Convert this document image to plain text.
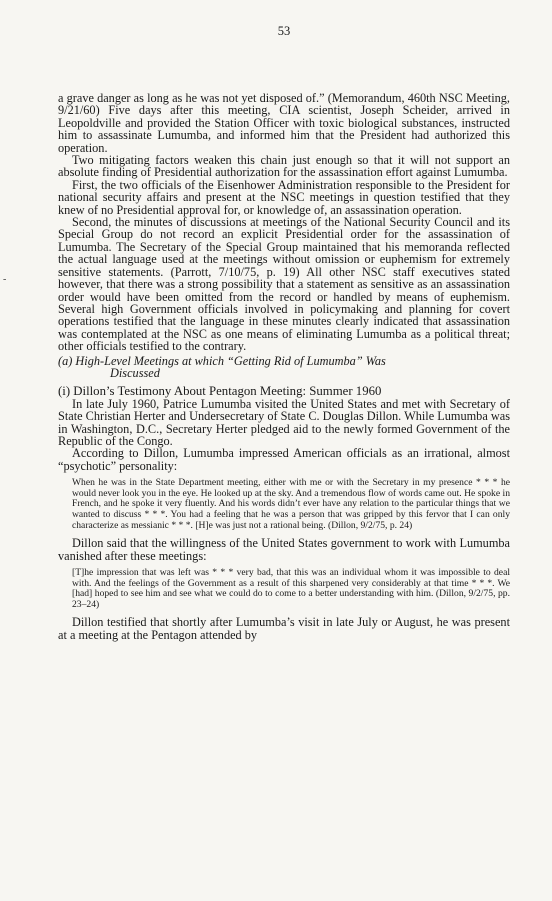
53

a grave danger as long as he was not yet disposed of.” (Memorandum, 460th NSC Meeting, 9/21/60) Five days after this meeting, CIA scientist, Joseph Scheider, arrived in Leopoldville and provided the Station Officer with toxic biological substances, instructed him to assassinate Lumumba, and informed him that the President had authorized this operation.

Two mitigating factors weaken this chain just enough so that it will not support an absolute finding of Presidential authorization for the assassination effort against Lumumba.

First, the two officials of the Eisenhower Administration responsible to the President for national security affairs and present at the NSC meetings in question testified that they knew of no Presidential approval for, or knowledge of, an assassination operation.

Second, the minutes of discussions at meetings of the National Security Council and its Special Group do not record an explicit Presidential order for the assassination of Lumumba. The Secretary of the Special Group maintained that his memoranda reflected the actual language used at the meetings without omission or euphemism for extremely sensitive statements. (Parrott, 7/10/75, p. 19) All other NSC staff executives stated however, that there was a strong possibility that a statement as sensitive as an assassination order would have been omitted from the record or handled by means of euphemism. Several high Government officials involved in policymaking and planning for covert operations testified that the language in these minutes clearly indicated that assassination was contemplated at the NSC as one means of eliminating Lumumba as a political threat; other officials testified to the contrary.

(a) High-Level Meetings at which “Getting Rid of Lumumba” Was
Discussed

(i) Dillon’s Testimony About Pentagon Meeting: Summer 1960

In late July 1960, Patrice Lumumba visited the United States and met with Secretary of State Christian Herter and Undersecretary of State C. Douglas Dillon. While Lumumba was in Washington, D.C., Secretary Herter pledged aid to the newly formed Government of the Republic of the Congo.

According to Dillon, Lumumba impressed American officials as an irrational, almost “psychotic” personality:

When he was in the State Department meeting, either with me or with the Secretary in my presence * * * he would never look you in the eye. He looked up at the sky. And a tremendous flow of words came out. He spoke in French, and he spoke it very fluently. And his words didn’t ever have any relation to the particular things that we wanted to discuss * * *. You had a feeling that he was a person that was gripped by this fervor that I can only characterize as messianic * * *. [H]e was just not a rational being. (Dillon, 9/2/75, p. 24)

Dillon said that the willingness of the United States government to work with Lumumba vanished after these meetings:

[T]he impression that was left was * * * very bad, that this was an individual whom it was impossible to deal with. And the feelings of the Government as a result of this sharpened very considerably at that time * * *. We [had] hoped to see him and see what we could do to come to a better understanding with him. (Dillon, 9/2/75, pp. 23–24)

Dillon testified that shortly after Lumumba’s visit in late July or August, he was present at a meeting at the Pentagon attended by

-
